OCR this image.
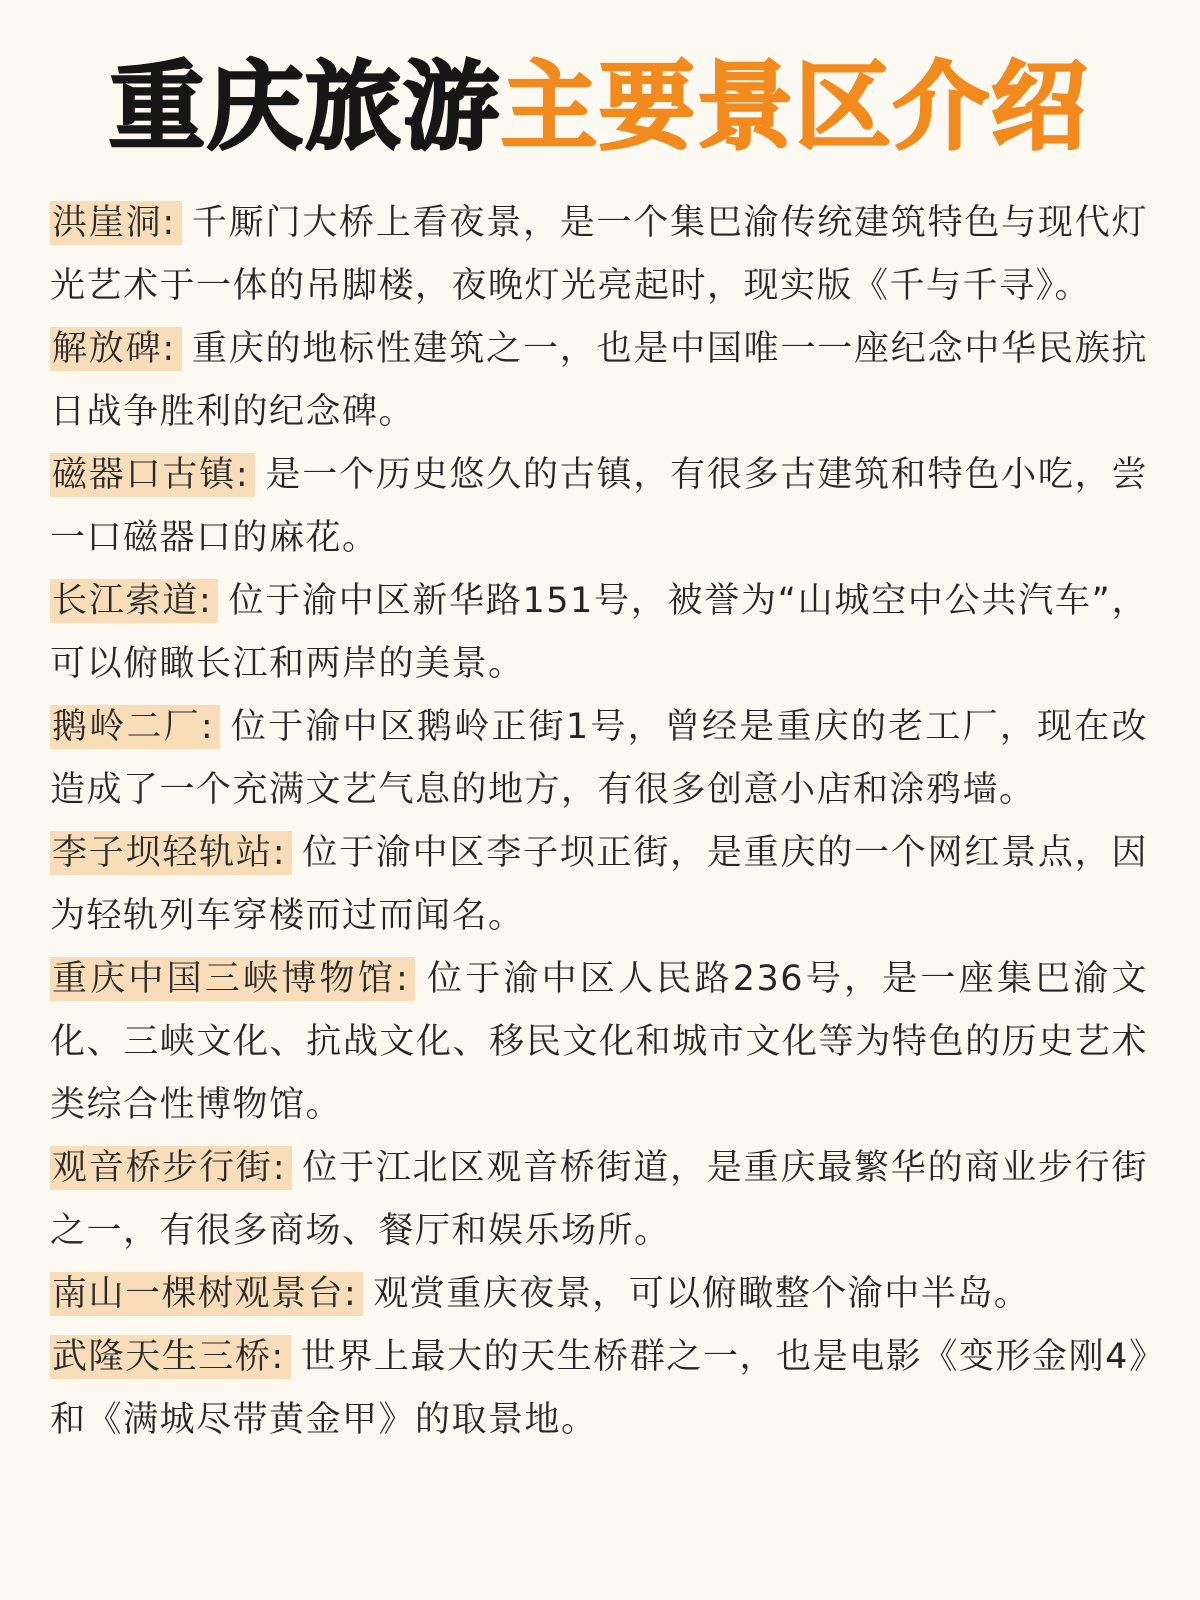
重庆旅游主要景区介绍

洪崖洞: 千厮门大桥上看夜景，是一个集巴渝传统建筑特色与现代灯光艺术于一体的吊脚楼，夜晚灯光亮起时，现实版《千与千寻》。

解放碑: 重庆的地标性建筑之一，也是中国唯一一座纪念中华民族抗日战争胜利的纪念碑。

磁器口古镇: 是一个历史悠久的古镇，有很多古建筑和特色小吃，尝一口磁器口的麻花。

长江索道: 位于渝中区新华路151号，被誉为“山城空中公共汽车”，可以俯瞰长江和两岸的美景。

鹅岭二厂: 位于渝中区鹅岭正街1号，曾经是重庆的老工厂，现在改造成了一个充满文艺气息的地方，有很多创意小店和涂鸦墙。

李子坝轻轨站: 位于渝中区李子坝正街，是重庆的一个网红景点，因为轻轨列车穿楼而过而闻名。

重庆中国三峡博物馆: 位于渝中区人民路236号，是一座集巴渝文化、三峡文化、抗战文化、移民文化和城市文化等为特色的历史艺术类综合性博物馆。

观音桥步行街: 位于江北区观音桥街道，是重庆最繁华的商业步行街之一，有很多商场、餐厅和娱乐场所。

南山一棵树观景台: 观赏重庆夜景，可以俯瞰整个渝中半岛。

武隆天生三桥: 世界上最大的天生桥群之一，也是电影《变形金刚4》和《满城尽带黄金甲》的取景地。
